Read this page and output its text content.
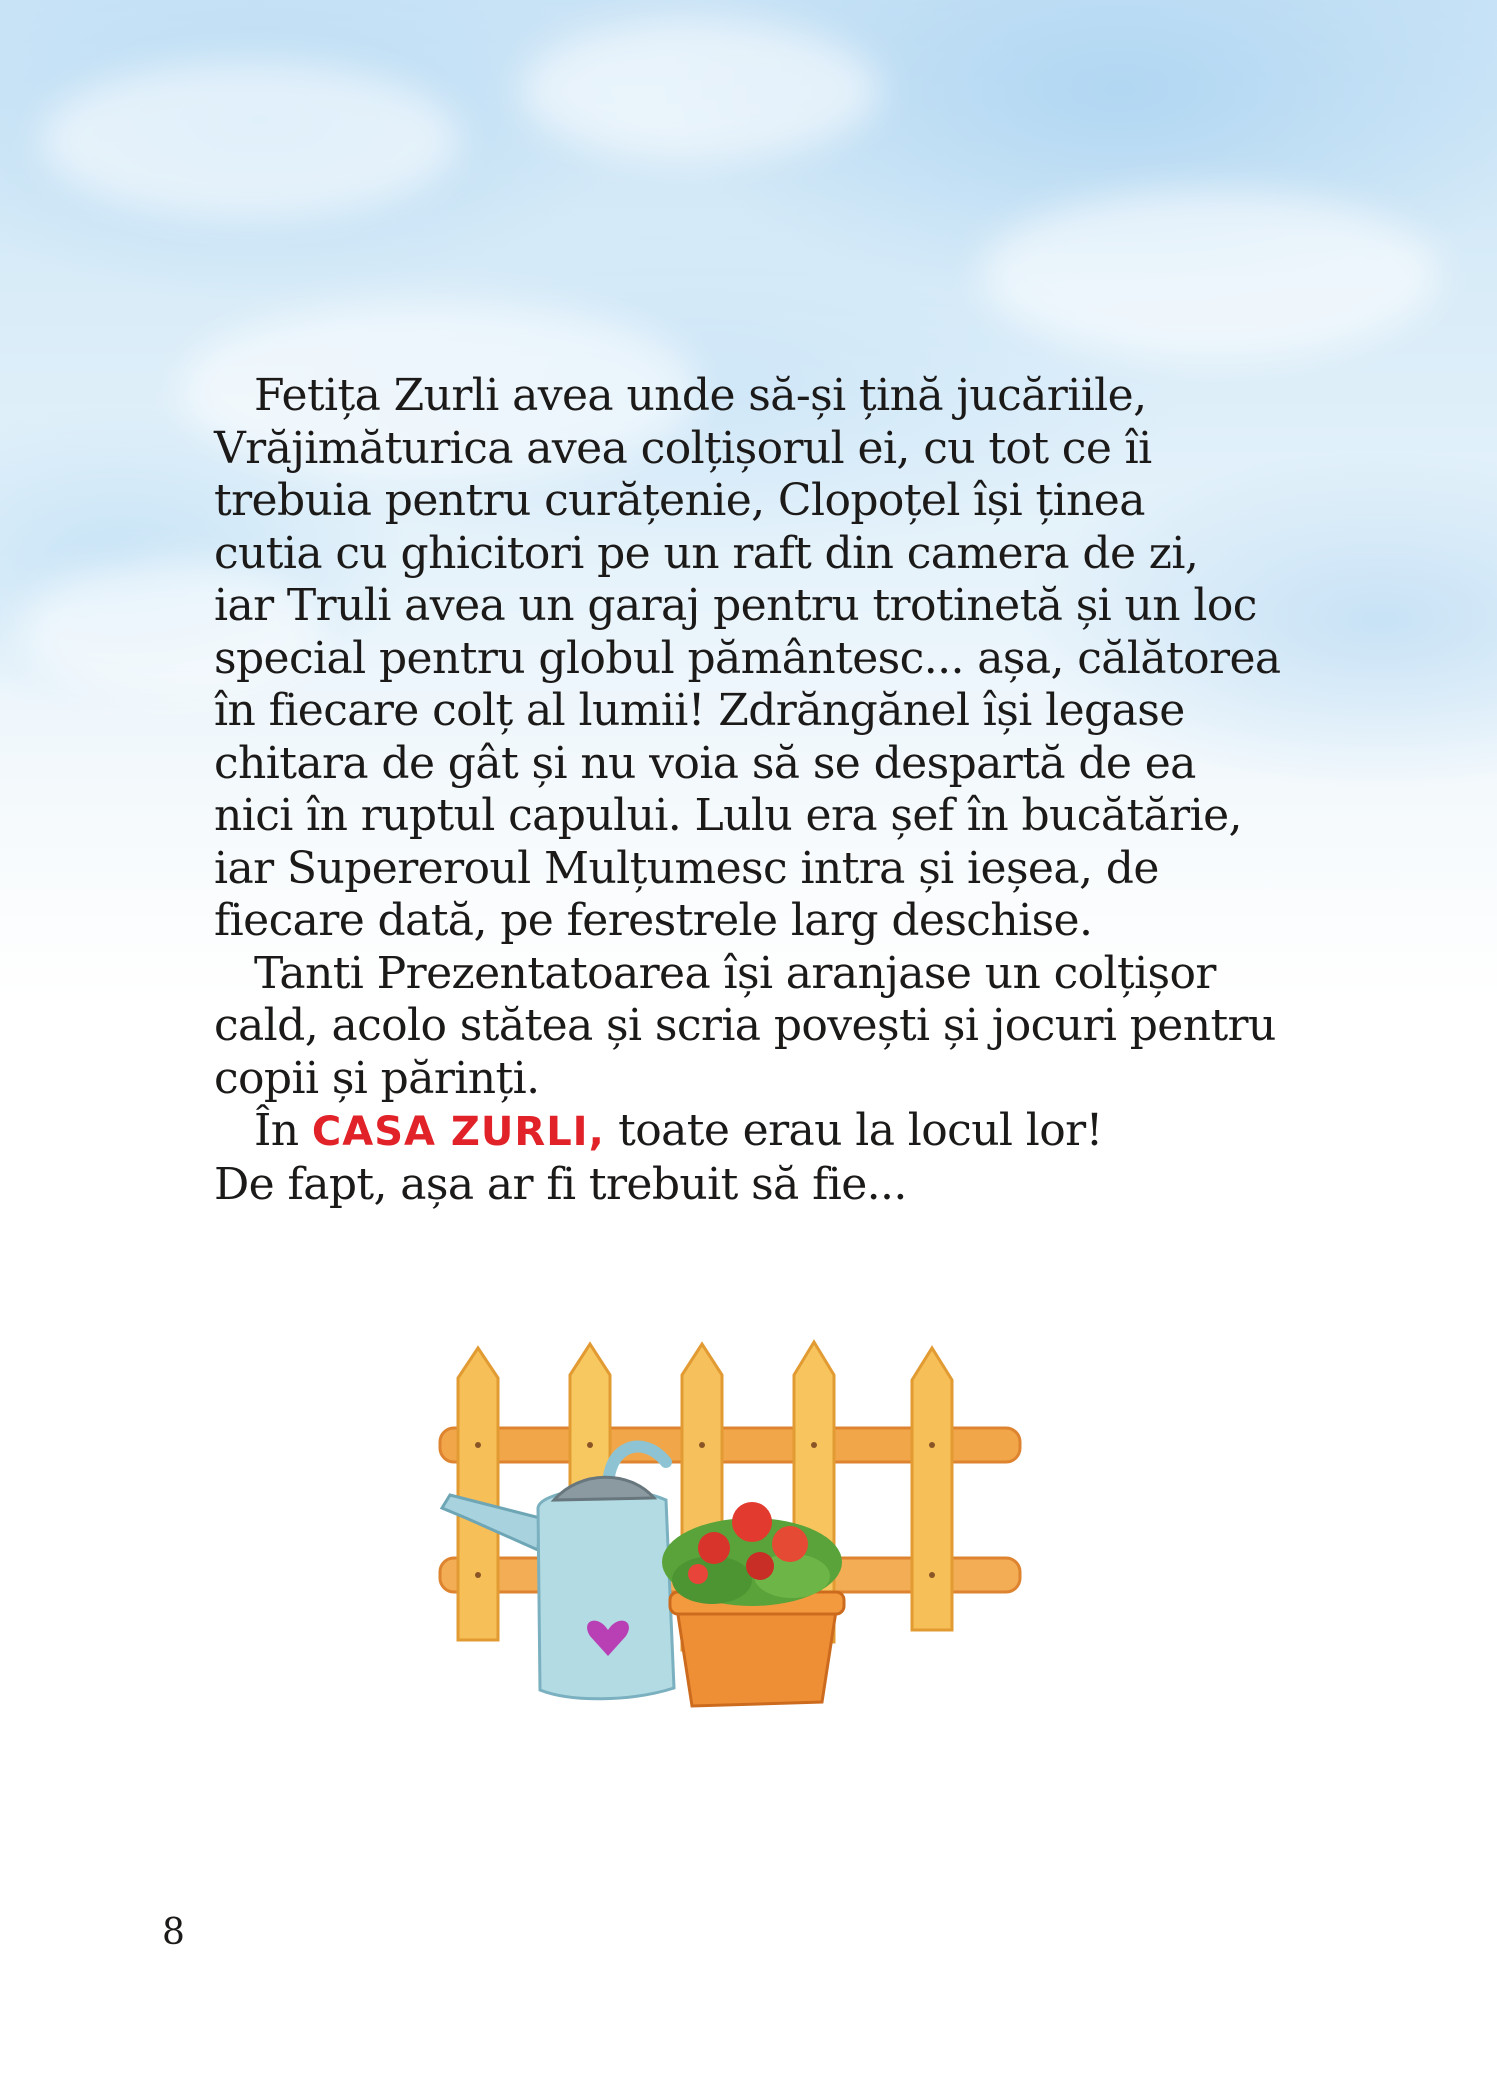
Fetița Zurli avea unde să-și țină jucăriile,
Vrăjimăturica avea colțișorul ei, cu tot ce îi
trebuia pentru curățenie, Clopoțel își ținea
cutia cu ghicitori pe un raft din camera de zi,
iar Truli avea un garaj pentru trotinetă și un loc
special pentru globul pământesc... așa, călătorea
în fiecare colț al lumii! Zdrăngănel își legase
chitara de gât și nu voia să se despartă de ea
nici în ruptul capului. Lulu era șef în bucătărie,
iar Supereroul Mulțumesc intra și ieșea, de
fiecare dată, pe ferestrele larg deschise.
Tanti Prezentatoarea își aranjase un colțișor
cald, acolo stătea și scria povești și jocuri pentru
copii și părinți.
În CASA ZURLI, toate erau la locul lor!
De fapt, așa ar fi trebuit să fie...
8
